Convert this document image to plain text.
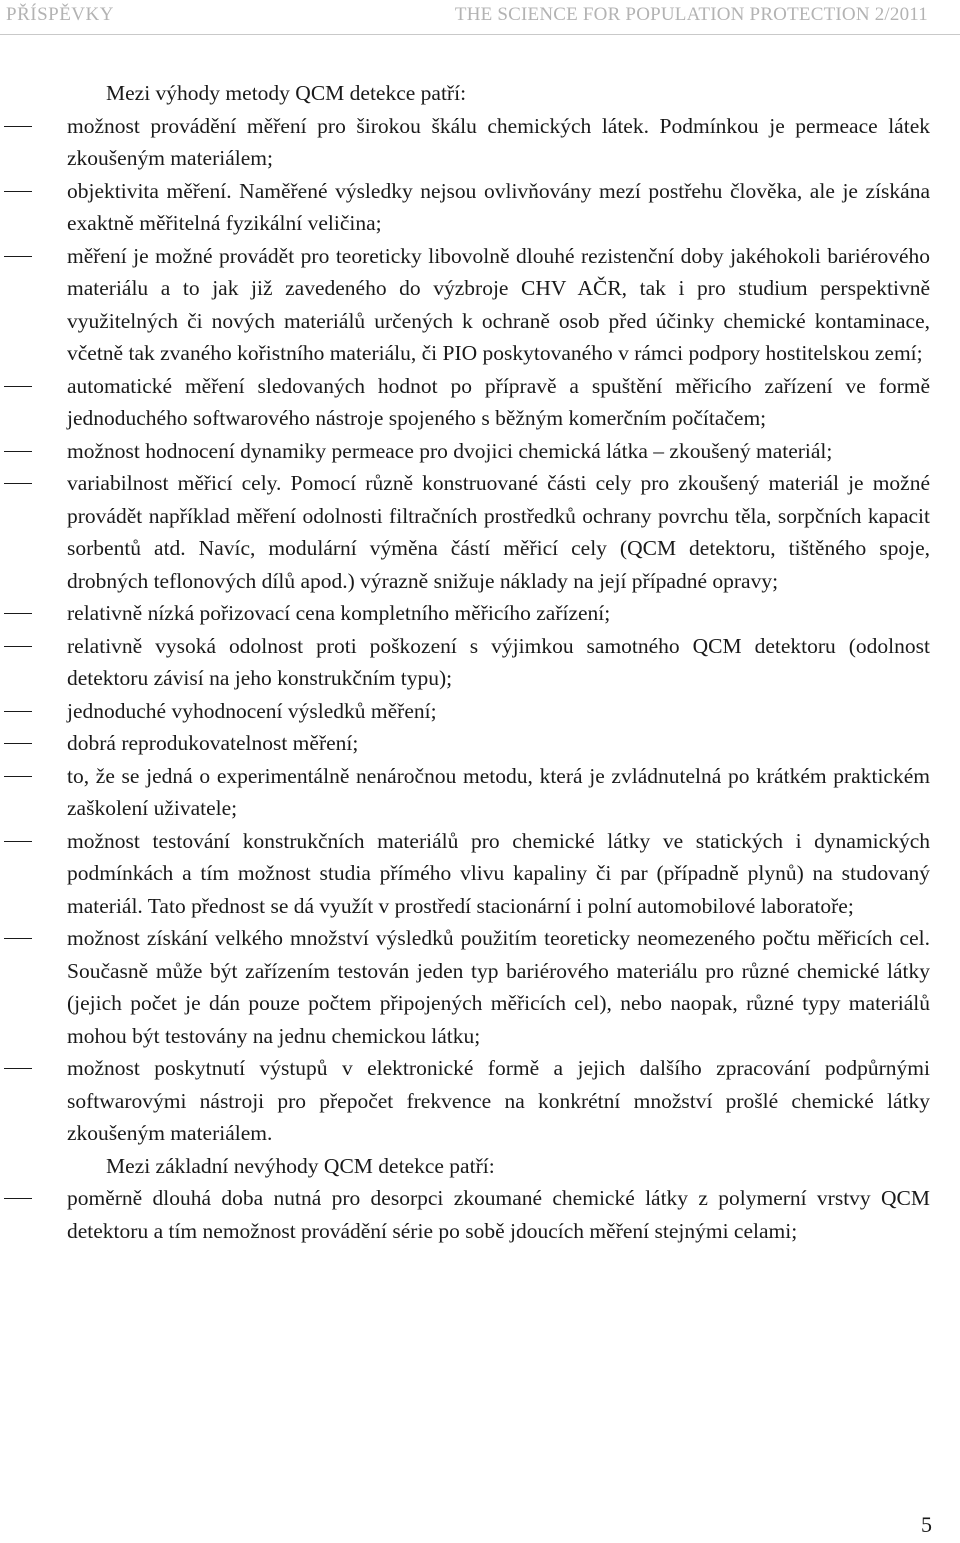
PŘÍSPĚVKY	THE SCIENCE FOR POPULATION PROTECTION 2/2011
Mezi výhody metody QCM detekce patří:
možnost provádění měření pro širokou škálu chemických látek. Podmínkou je permeace látek zkoušeným materiálem;
objektivita měření. Naměřené výsledky nejsou ovlivňovány mezí postřehu člověka, ale je získána exaktně měřitelná fyzikální veličina;
měření je možné provádět pro teoreticky libovolně dlouhé rezistenční doby jakéhokoli bariérového materiálu a to jak již zavedeného do výzbroje CHV AČR, tak i pro studium perspektivně využitelných či nových materiálů určených k ochraně osob před účinky chemické kontaminace, včetně tak zvaného kořistního materiálu, či PIO poskytovaného v rámci podpory hostitelskou zemí;
automatické měření sledovaných hodnot po přípravě a spuštění měřicího zařízení ve formě jednoduchého softwarového nástroje spojeného s běžným komerčním počítačem;
možnost hodnocení dynamiky permeace pro dvojici chemická látka – zkoušený materiál;
variabilnost měřicí cely. Pomocí různě konstruované části cely pro zkoušený materiál je možné provádět například měření odolnosti filtračních prostředků ochrany povrchu těla, sorpčních kapacit sorbentů atd. Navíc, modulární výměna částí měřicí cely (QCM detektoru, tištěného spoje, drobných teflonových dílů apod.) výrazně snižuje náklady na její případné opravy;
relativně nízká pořizovací cena kompletního měřicího zařízení;
relativně vysoká odolnost proti poškození s výjimkou samotného QCM detektoru (odolnost detektoru závisí na jeho konstrukčním typu);
jednoduché vyhodnocení výsledků měření;
dobrá reprodukovatelnost měření;
to, že se jedná o experimentálně nenáročnou metodu, která je zvládnutelná po krátkém praktickém zaškolení uživatele;
možnost testování konstrukčních materiálů pro chemické látky ve statických i dynamických podmínkách a tím možnost studia přímého vlivu kapaliny či par (případně plynů) na studovaný materiál. Tato přednost se dá využít v prostředí stacionární i polní automobilové laboratoře;
možnost získání velkého množství výsledků použitím teoreticky neomezeného počtu měřicích cel. Současně může být zařízením testován jeden typ bariérového materiálu pro různé chemické látky (jejich počet je dán pouze počtem připojených měřicích cel), nebo naopak, různé typy materiálů mohou být testovány na jednu chemickou látku;
možnost poskytnutí výstupů v elektronické formě a jejich dalšího zpracování podpůrnými softwarovými nástroji pro přepočet frekvence na konkrétní množství prošlé chemické látky zkoušeným materiálem.
Mezi základní nevýhody QCM detekce patří:
poměrně dlouhá doba nutná pro desorpci zkoumané chemické látky z polymerní vrstvy QCM detektoru a tím nemožnost provádění série po sobě jdoucích měření stejnými celami;
5
